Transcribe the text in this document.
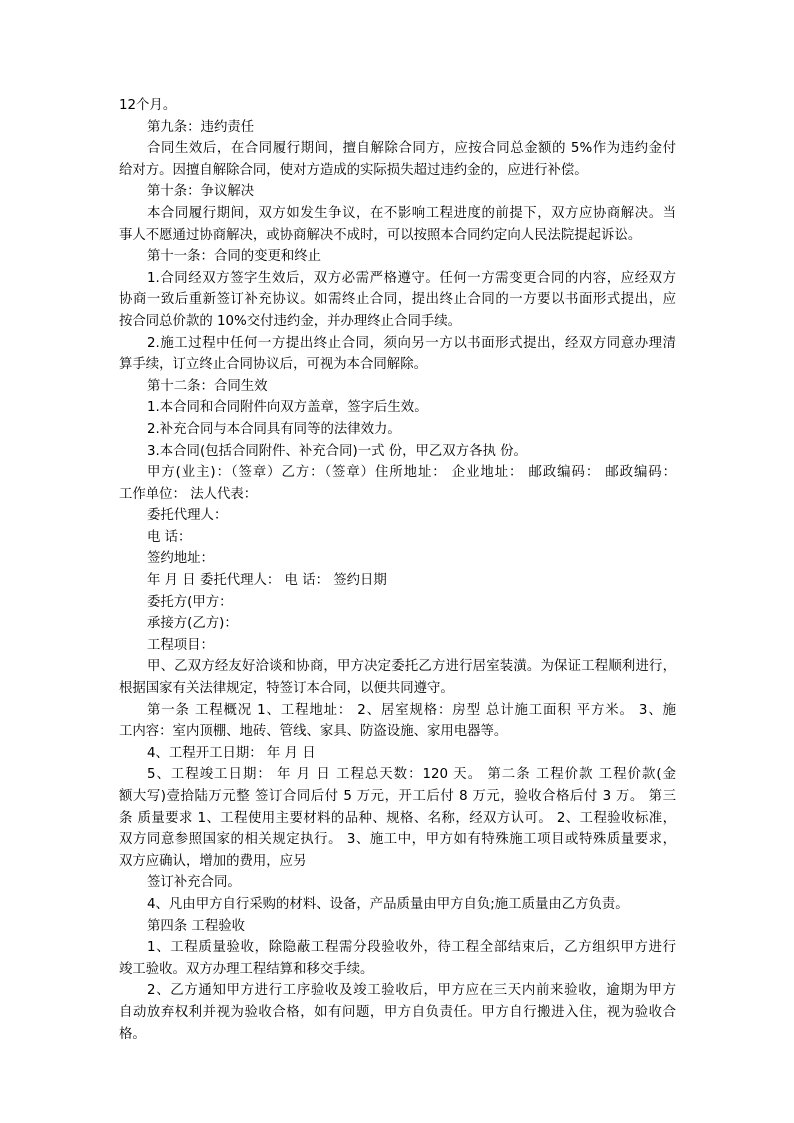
12个月。
第九条：违约责任
合同生效后，在合同履行期间，擅自解除合同方，应按合同总金额的 5%作为违约金付
给对方。因擅自解除合同，使对方造成的实际损失超过违约金的，应进行补偿。
第十条：争议解决
本合同履行期间，双方如发生争议，在不影响工程进度的前提下，双方应协商解决。当
事人不愿通过协商解决，或协商解决不成时，可以按照本合同约定向人民法院提起诉讼。
第十一条：合同的变更和终止
1.合同经双方签字生效后，双方必需严格遵守。任何一方需变更合同的内容，应经双方
协商一致后重新签订补充协议。如需终止合同，提出终止合同的一方要以书面形式提出，应
按合同总价款的 10%交付违约金，并办理终止合同手续。
2.施工过程中任何一方提出终止合同，须向另一方以书面形式提出，经双方同意办理清
算手续，订立终止合同协议后，可视为本合同解除。
第十二条：合同生效
1.本合同和合同附件向双方盖章，签字后生效。
2.补充合同与本合同具有同等的法律效力。
3.本合同(包括合同附件、补充合同)一式 份，甲乙双方各执 份。
甲方(业主)：（签章）乙方：（签章）住所地址： 企业地址： 邮政编码： 邮政编码：
工作单位： 法人代表：
委托代理人：
电 话：
签约地址：
年 月 日 委托代理人： 电 话： 签约日期
委托方(甲方：
承接方(乙方)：
工程项目：
甲、乙双方经友好洽谈和协商，甲方决定委托乙方进行居室装潢。为保证工程顺利进行，
根据国家有关法律规定，特签订本合同，以便共同遵守。
第一条 工程概况 1、工程地址： 2、居室规格：房型 总计施工面积 平方米。 3、施
工内容：室内顶棚、地砖、管线、家具、防盗设施、家用电器等。
4、工程开工日期： 年 月 日
5、工程竣工日期： 年 月 日 工程总天数：120 天。 第二条 工程价款 工程价款(金
额大写)壹拾陆万元整 签订合同后付 5 万元，开工后付 8 万元，验收合格后付 3 万。 第三
条 质量要求 1、工程使用主要材料的品种、规格、名称，经双方认可。 2、工程验收标准，
双方同意参照国家的相关规定执行。 3、施工中，甲方如有特殊施工项目或特殊质量要求，
双方应确认，增加的费用，应另
签订补充合同。
4、凡由甲方自行采购的材料、设备，产品质量由甲方自负;施工质量由乙方负责。
第四条 工程验收
1、工程质量验收，除隐蔽工程需分段验收外，待工程全部结束后，乙方组织甲方进行
竣工验收。双方办理工程结算和移交手续。
2、乙方通知甲方进行工序验收及竣工验收后，甲方应在三天内前来验收，逾期为甲方
自动放弃权利并视为验收合格，如有问题，甲方自负责任。甲方自行搬进入住，视为验收合
格。
